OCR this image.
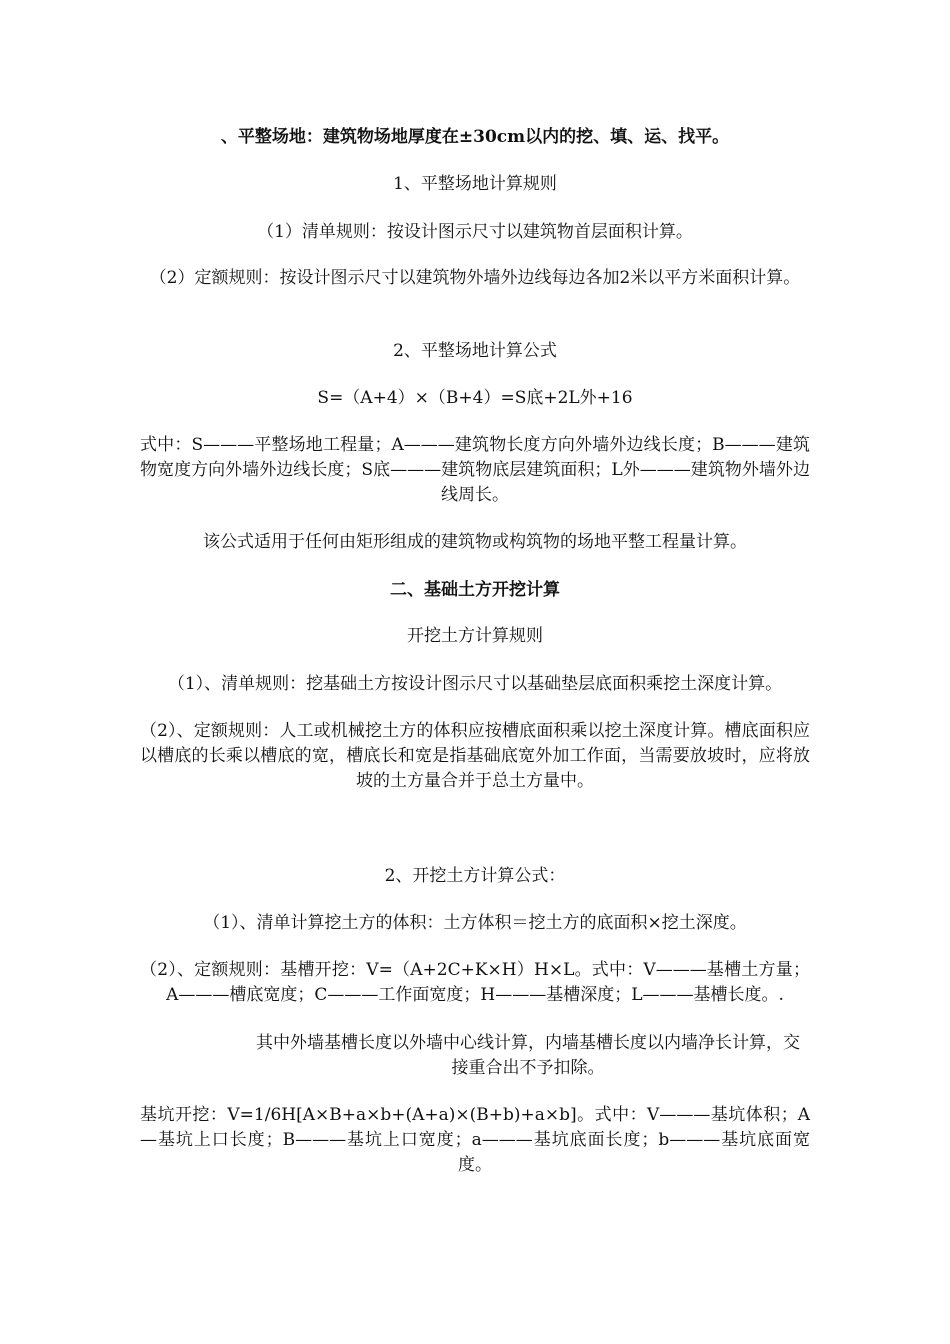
、平整场地：建筑物场地厚度在±30cm以内的挖、填、运、找平。

1、平整场地计算规则

（1）清单规则：按设计图示尺寸以建筑物首层面积计算。

（2）定额规则：按设计图示尺寸以建筑物外墙外边线每边各加2米以平方米面积计算。

2、平整场地计算公式

S=（A+4）×（B+4）=S底+2L外+16

式中：S———平整场地工程量；A———建筑物长度方向外墙外边线长度；B———建筑物宽度方向外墙外边线长度；S底———建筑物底层建筑面积；L外———建筑物外墙外边线周长。

该公式适用于任何由矩形组成的建筑物或构筑物的场地平整工程量计算。

二、基础土方开挖计算

开挖土方计算规则

（1）、清单规则：挖基础土方按设计图示尺寸以基础垫层底面积乘挖土深度计算。

（2）、定额规则：人工或机械挖土方的体积应按槽底面积乘以挖土深度计算。槽底面积应以槽底的长乘以槽底的宽，槽底长和宽是指基础底宽外加工作面，当需要放坡时，应将放坡的土方量合并于总土方量中。

2、开挖土方计算公式：

（1）、清单计算挖土方的体积：土方体积＝挖土方的底面积×挖土深度。

（2）、定额规则：基槽开挖：V=（A+2C+K×H）H×L。式中：V———基槽土方量；A———槽底宽度；C———工作面宽度；H———基槽深度；L———基槽长度。.

其中外墙基槽长度以外墙中心线计算，内墙基槽长度以内墙净长计算，交接重合出不予扣除。

基坑开挖：V=1/6H[A×B+a×b+(A+a)×(B+b)+a×b]。式中：V———基坑体积；A—基坑上口长度；B———基坑上口宽度；a———基坑底面长度；b———基坑底面宽度。
